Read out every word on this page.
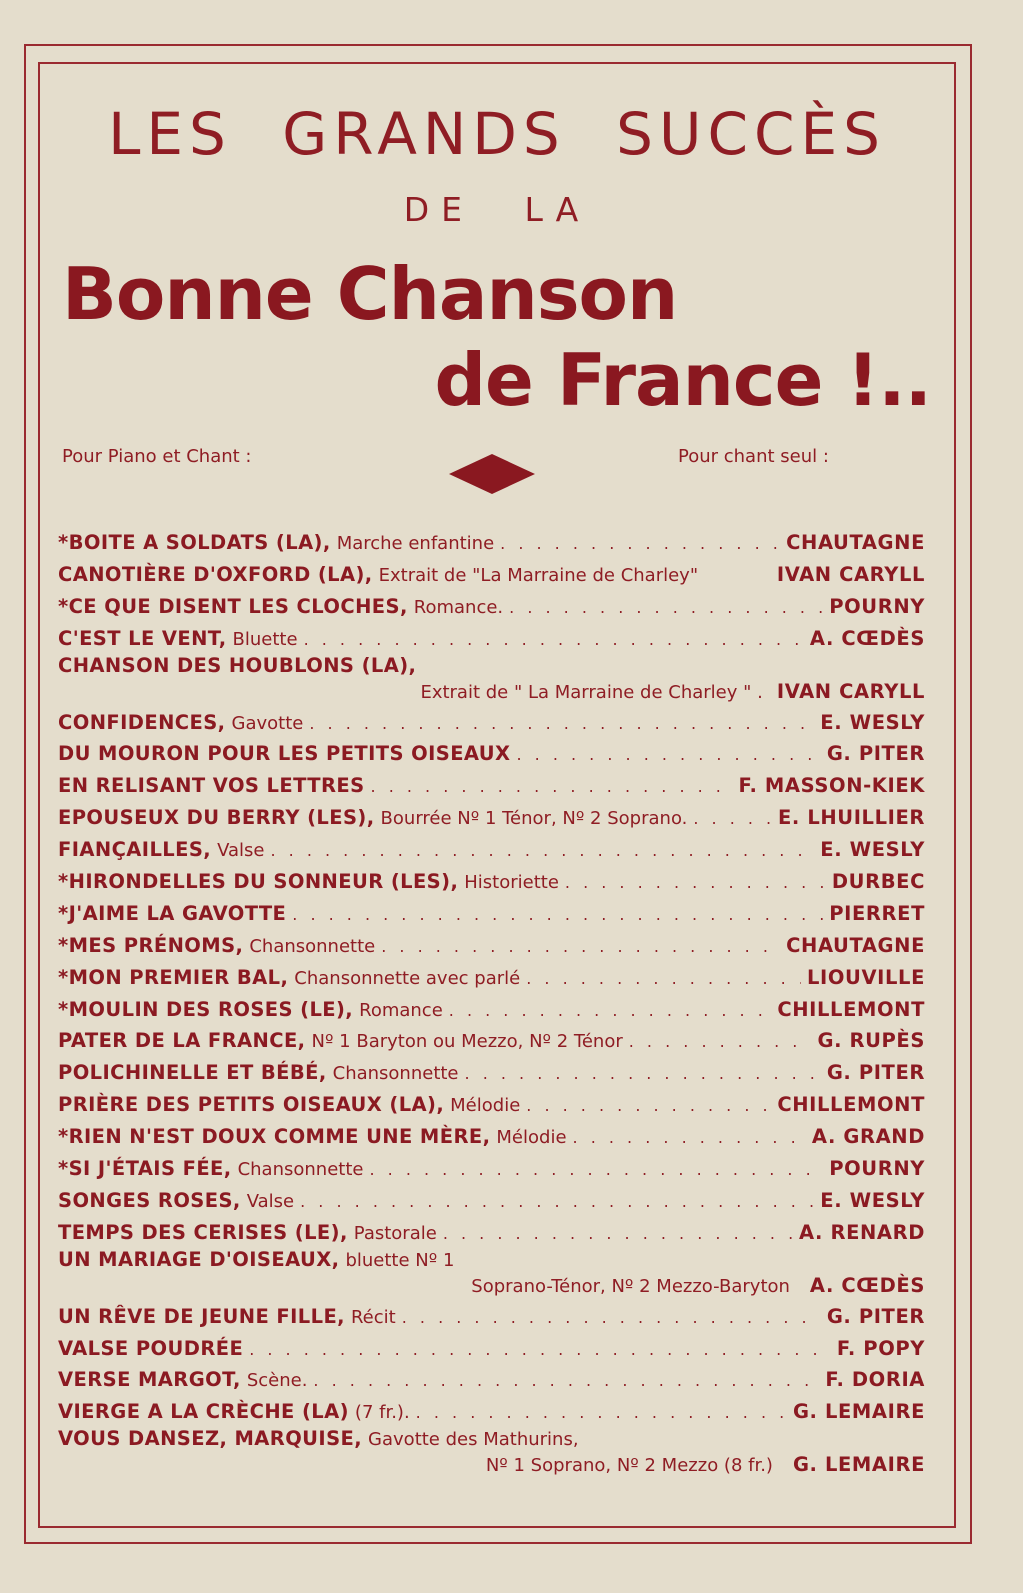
LES GRANDS SUCCÈS
DE LA
Bonne Chanson
de France !..
Pour Piano et Chant :	Pour chant seul :
*BOITE A SOLDATS (LA), Marche enfantine . . .	CHAUTAGNE
CANOTIÈRE D'OXFORD (LA), Extrait de "La Marraine de Charley"	IVAN CARYLL
*CE QUE DISENT LES CLOCHES, Romance. . . .	POURNY
C'EST LE VENT, Bluette . . .	A. CŒDÈS
CHANSON DES HOUBLONS (LA),
Extrait de " La Marraine de Charley " . IVAN CARYLL
CONFIDENCES, Gavotte . . .	E. WESLY
DU MOURON POUR LES PETITS OISEAUX . . .	G. PITER
EN RELISANT VOS LETTRES . . .	F. MASSON-KIEK
EPOUSEUX DU BERRY (LES), Bourrée Nº 1 Ténor, Nº 2 Soprano. . . .	E. LHUILLIER
FIANÇAILLES, Valse . . .	E. WESLY
*HIRONDELLES DU SONNEUR (LES), Historiette . . .	DURBEC
*J'AIME LA GAVOTTE . . .	PIERRET
*MES PRÉNOMS, Chansonnette . . .	CHAUTAGNE
*MON PREMIER BAL, Chansonnette avec parlé . . .	LIOUVILLE
*MOULIN DES ROSES (LE), Romance . . .	CHILLEMONT
PATER DE LA FRANCE, Nº 1 Baryton ou Mezzo, Nº 2 Ténor . . .	G. RUPÈS
POLICHINELLE ET BÉBÉ, Chansonnette . . .	G. PITER
PRIÈRE DES PETITS OISEAUX (LA), Mélodie . . .	CHILLEMONT
*RIEN N'EST DOUX COMME UNE MÈRE, Mélodie . . .	A. GRAND
*SI J'ÉTAIS FÉE, Chansonnette . . .	POURNY
SONGES ROSES, Valse . . .	E. WESLY
TEMPS DES CERISES (LE), Pastorale . . .	A. RENARD
UN MARIAGE D'OISEAUX, bluette Nº 1
Soprano-Ténor, Nº 2 Mezzo-Baryton A. CŒDÈS
UN RÊVE DE JEUNE FILLE, Récit . . .	G. PITER
VALSE POUDRÉE . . .	F. POPY
VERSE MARGOT, Scène. . . .	F. DORIA
VIERGE A LA CRÈCHE (LA) (7 fr.). . . .	G. LEMAIRE
VOUS DANSEZ, MARQUISE, Gavotte des Mathurins,
Nº 1 Soprano, Nº 2 Mezzo (8 fr.) G. LEMAIRE
